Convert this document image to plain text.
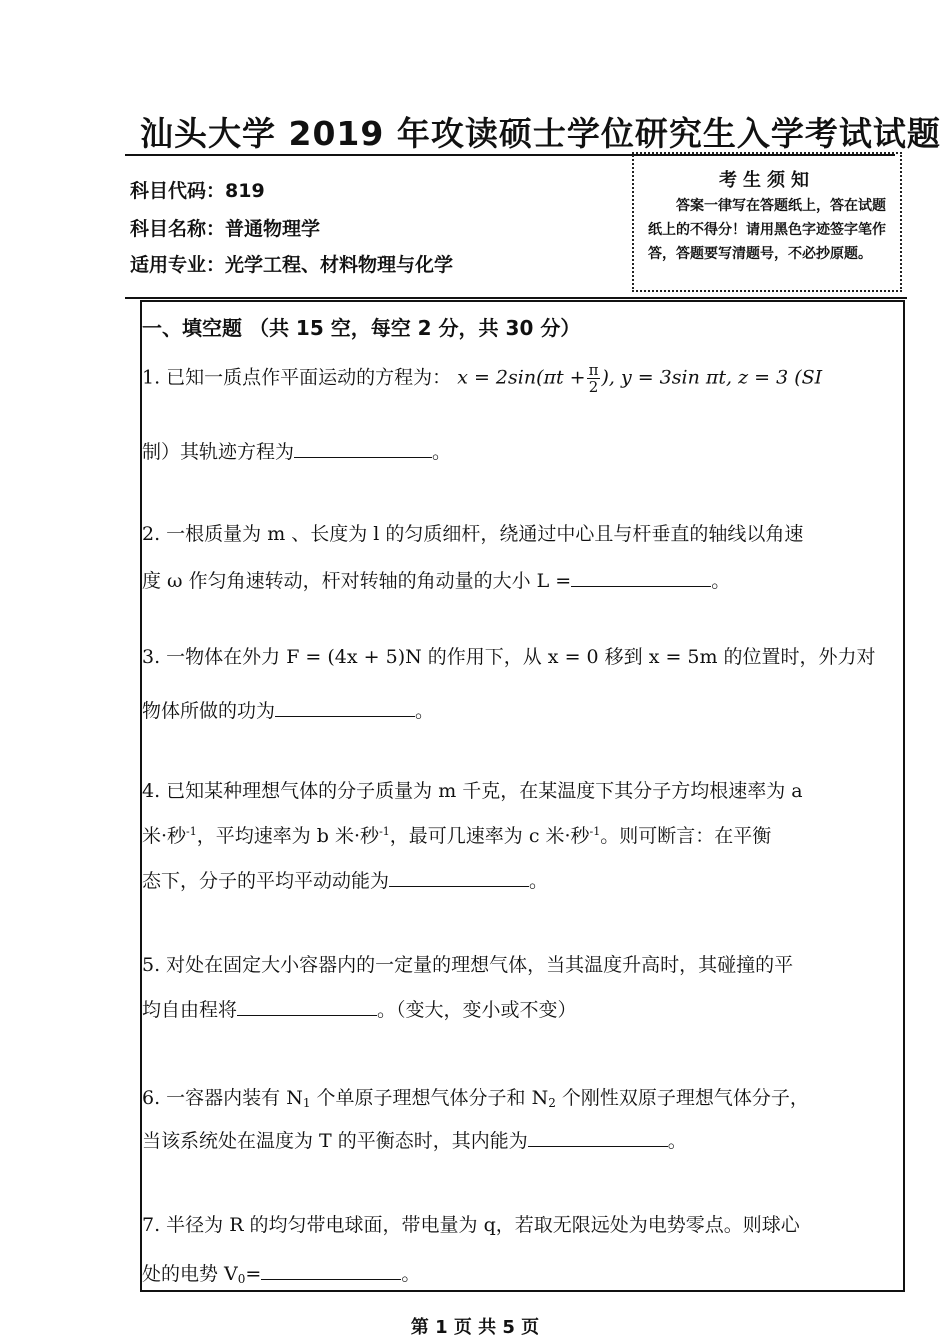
汕头大学 2019 年攻读硕士学位研究生入学考试试题
科目代码：819
科目名称：普通物理学
适用专业：光学工程、材料物理与化学
考生须知
答案一律写在答题纸上，答在试题纸上的不得分！请用黑色字迹签字笔作答，答题要写清题号，不必抄原题。
一、填空题 （共 15 空，每空 2 分，共 30 分）
1. 已知一质点作平面运动的方程为： $x = 2\sin(\pi t + \frac{\pi}{2}$ ), y = 3sin πt, z = 3 (SI
制）其轨迹方程为	。
2. 一根质量为 m 、长度为 l 的匀质细杆，绕通过中心且与杆垂直的轴线以角速
度 ω 作匀角速转动，杆对转轴的角动量的大小 L =	。
3. 一物体在外力 F = (4x + 5)N 的作用下，从 x = 0 移到 x = 5m 的位置时，外力对
物体所做的功为	。
4. 已知某种理想气体的分子质量为 m 千克，在某温度下其分子方均根速率为 a
米·秒$^{-1}$，平均速率为 b 米·秒$^{-1}$，最可几速率为 c 米·秒$^{-1}$。则可断言：在平衡
态下，分子的平均平动动能为	。
5. 对处在固定大小容器内的一定量的理想气体，当其温度升高时，其碰撞的平
均自由程将	。（变大，变小或不变）
6. 一容器内装有 $N_1$ 个单原子理想气体分子和 $N_2$ 个刚性双原子理想气体分子，
当该系统处在温度为 T 的平衡态时，其内能为	。
7. 半径为 R 的均匀带电球面，带电量为 q，若取无限远处为电势零点。则球心
处的电势 $V_0=$	。
第 1 页 共 5 页
